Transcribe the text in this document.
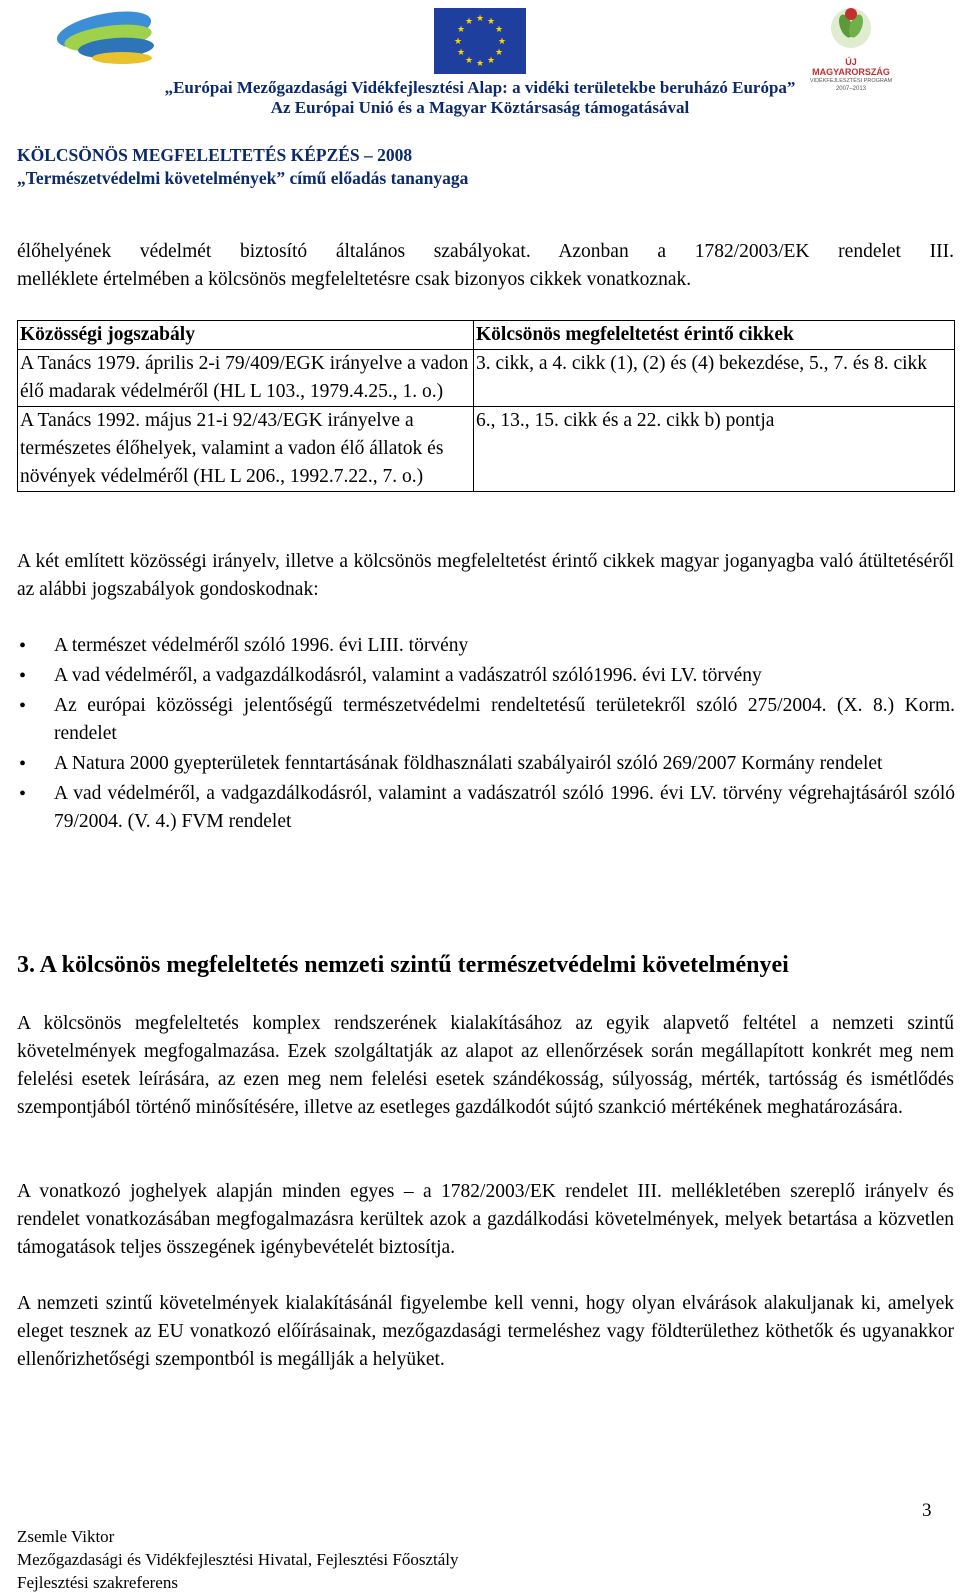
★ ★
★
★
★
★
★
★
★
★
★
★
ÚJ MAGYARORSZÁG
VIDÉKFEJLESZTÉSI PROGRAM
2007–2013
„Európai Mezőgazdasági Vidékfejlesztési Alap: a vidéki területekbe beruházó Európa”
Az Európai Unió és a Magyar Köztársaság támogatásával
KÖLCSÖNÖS MEGFELELTETÉS KÉPZÉS – 2008
„Természetvédelmi követelmények” című előadás tananyaga
élőhelyének védelmét biztosító általános szabályokat. Azonban a 1782/2003/EK rendelet III.
melléklete értelmében a kölcsönös megfeleltetésre csak bizonyos cikkek vonatkoznak.
Közösségi jogszabály	Kölcsönös megfeleltetést érintő cikkek
A Tanács 1979. április 2-i 79/409/EGK irányelve a vadon élő madarak védelméről (HL L 103., 1979.4.25., 1. o.)	3. cikk, a 4. cikk (1), (2) és (4) bekezdése, 5., 7. és 8. cikk
A Tanács 1992. május 21-i 92/43/EGK irányelve a természetes élőhelyek, valamint a vadon élő állatok és növények védelméről (HL L 206., 1992.7.22., 7. o.)	6., 13., 15. cikk és a 22. cikk b) pontja
A két említett közösségi irányelv, illetve a kölcsönös megfeleltetést érintő cikkek magyar joganyagba való átültetéséről az alábbi jogszabályok gondoskodnak:
• A természet védelméről szóló 1996. évi LIII. törvény
• A vad védelméről, a vadgazdálkodásról, valamint a vadászatról szóló1996. évi LV. törvény
• Az európai közösségi jelentőségű természetvédelmi rendeltetésű területekről szóló 275/2004. (X. 8.) Korm. rendelet
• A Natura 2000 gyepterületek fenntartásának földhasználati szabályairól szóló 269/2007 Kormány rendelet
• A vad védelméről, a vadgazdálkodásról, valamint a vadászatról szóló 1996. évi LV. törvény végrehajtásáról szóló 79/2004. (V. 4.) FVM rendelet
3. A kölcsönös megfeleltetés nemzeti szintű természetvédelmi követelményei
A kölcsönös megfeleltetés komplex rendszerének kialakításához az egyik alapvető feltétel a nemzeti szintű követelmények megfogalmazása. Ezek szolgáltatják az alapot az ellenőrzések során megállapított konkrét meg nem felelési esetek leírására, az ezen meg nem felelési esetek szándékosság, súlyosság, mérték, tartósság és ismétlődés szempontjából történő minősítésére, illetve az esetleges gazdálkodót sújtó szankció mértékének meghatározására.
A vonatkozó joghelyek alapján minden egyes – a 1782/2003/EK rendelet III. mellékletében szereplő irányelv és rendelet vonatkozásában megfogalmazásra kerültek azok a gazdálkodási követelmények, melyek betartása a közvetlen támogatások teljes összegének igénybevételét biztosítja.
A nemzeti szintű követelmények kialakításánál figyelembe kell venni, hogy olyan elvárások alakuljanak ki, amelyek eleget tesznek az EU vonatkozó előírásainak, mezőgazdasági termeléshez vagy földterülethez köthetők és ugyanakkor ellenőrizhetőségi szempontból is megállják a helyüket.
3
Zsemle Viktor
Mezőgazdasági és Vidékfejlesztési Hivatal, Fejlesztési Főosztály
Fejlesztési szakreferens
